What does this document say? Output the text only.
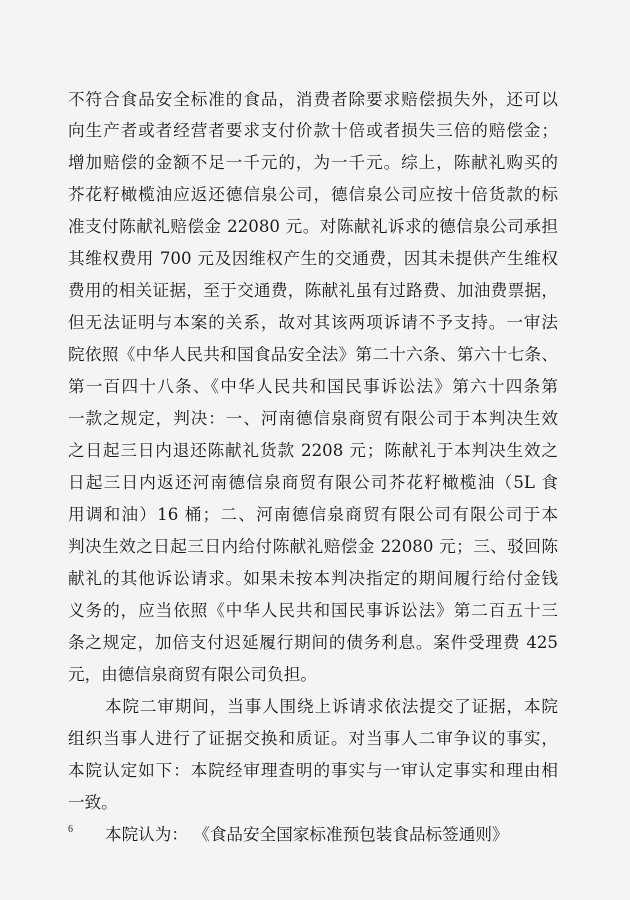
不符合食品安全标准的食品，消费者除要求赔偿损失外，还可以
向生产者或者经营者要求支付价款十倍或者损失三倍的赔偿金；
增加赔偿的金额不足一千元的，为一千元。综上，陈献礼购买的
芥花籽橄榄油应返还德信泉公司，德信泉公司应按十倍货款的标
准支付陈献礼赔偿金 22080 元。对陈献礼诉求的德信泉公司承担
其维权费用 700 元及因维权产生的交通费，因其未提供产生维权
费用的相关证据，至于交通费，陈献礼虽有过路费、加油费票据，
但无法证明与本案的关系，故对其该两项诉请不予支持。一审法
院依照《中华人民共和国食品安全法》第二十六条、第六十七条、
第一百四十八条、《中华人民共和国民事诉讼法》第六十四条第
一款之规定，判决：一、河南德信泉商贸有限公司于本判决生效
之日起三日内退还陈献礼货款 2208 元；陈献礼于本判决生效之
日起三日内返还河南德信泉商贸有限公司芥花籽橄榄油（5L 食
用调和油）16 桶；二、河南德信泉商贸有限公司有限公司于本
判决生效之日起三日内给付陈献礼赔偿金 22080 元；三、驳回陈
献礼的其他诉讼请求。如果未按本判决指定的期间履行给付金钱
义务的，应当依照《中华人民共和国民事诉讼法》第二百五十三
条之规定，加倍支付迟延履行期间的债务利息。案件受理费 425
元，由德信泉商贸有限公司负担。
本院二审期间，当事人围绕上诉请求依法提交了证据，本院
组织当事人进行了证据交换和质证。对当事人二审争议的事实，
本院认定如下：本院经审理查明的事实与一审认定事实和理由相
一致。
本院认为： 《食品安全国家标准预包装食品标签通则》
6
